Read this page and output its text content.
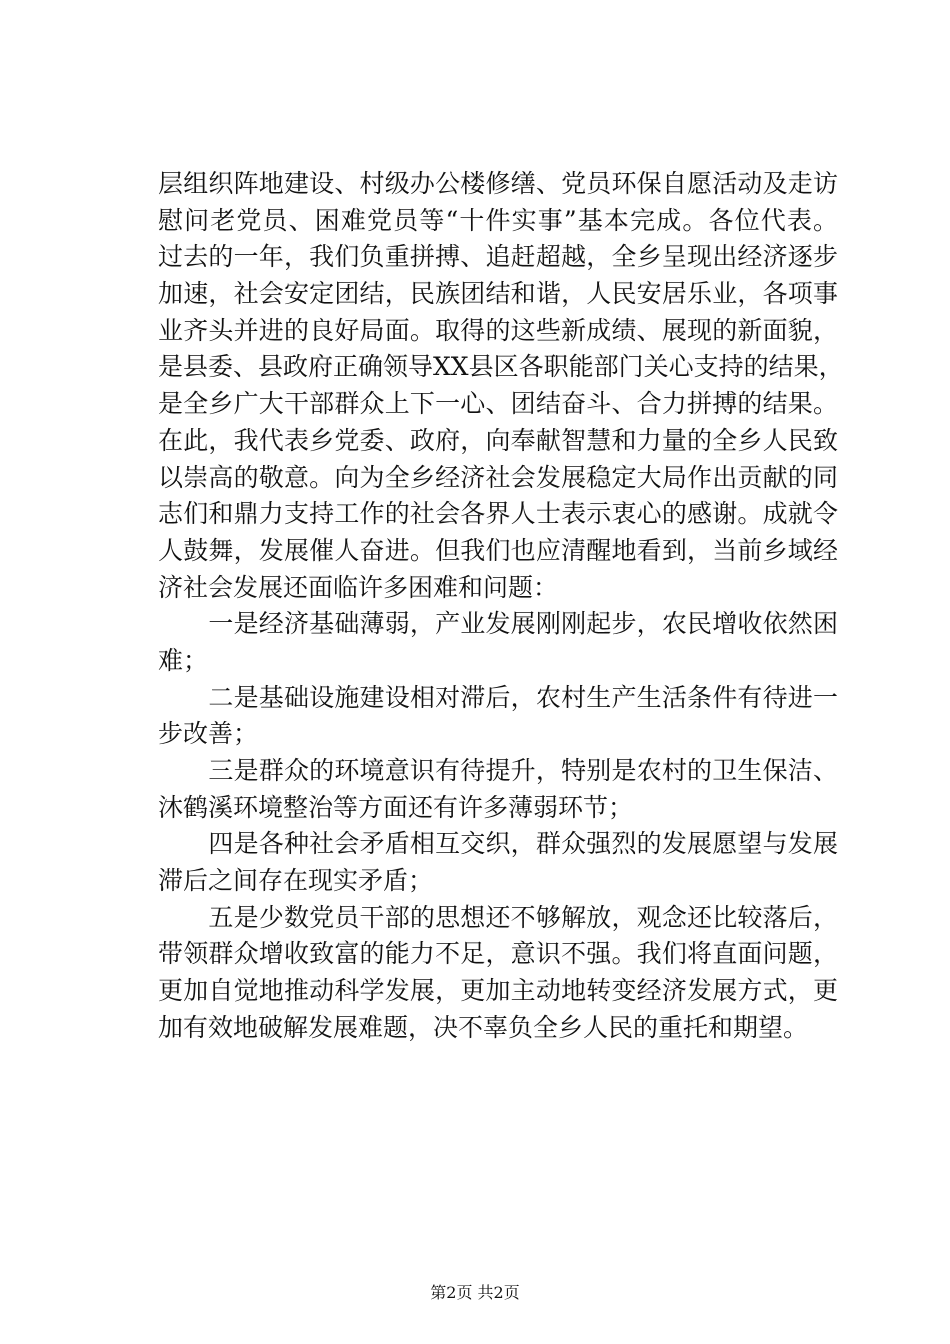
层组织阵地建设、村级办公楼修缮、党员环保自愿活动及走访
慰问老党员、困难党员等“十件实事”基本完成。各位代表。
过去的一年，我们负重拼搏、追赶超越，全乡呈现出经济逐步
加速，社会安定团结，民族团结和谐，人民安居乐业，各项事
业齐头并进的良好局面。取得的这些新成绩、展现的新面貌，
是县委、县政府正确领导XX县区各职能部门关心支持的结果，
是全乡广大干部群众上下一心、团结奋斗、合力拼搏的结果。
在此，我代表乡党委、政府，向奉献智慧和力量的全乡人民致
以崇高的敬意。向为全乡经济社会发展稳定大局作出贡献的同
志们和鼎力支持工作的社会各界人士表示衷心的感谢。成就令
人鼓舞，发展催人奋进。但我们也应清醒地看到，当前乡域经
济社会发展还面临许多困难和问题：
　　一是经济基础薄弱，产业发展刚刚起步，农民增收依然困
难；
　　二是基础设施建设相对滞后，农村生产生活条件有待进一
步改善；
　　三是群众的环境意识有待提升，特别是农村的卫生保洁、
沐鹤溪环境整治等方面还有许多薄弱环节；
　　四是各种社会矛盾相互交织，群众强烈的发展愿望与发展
滞后之间存在现实矛盾；
　　五是少数党员干部的思想还不够解放，观念还比较落后，
带领群众增收致富的能力不足，意识不强。我们将直面问题，
更加自觉地推动科学发展，更加主动地转变经济发展方式，更
加有效地破解发展难题，决不辜负全乡人民的重托和期望。
第2页 共2页
